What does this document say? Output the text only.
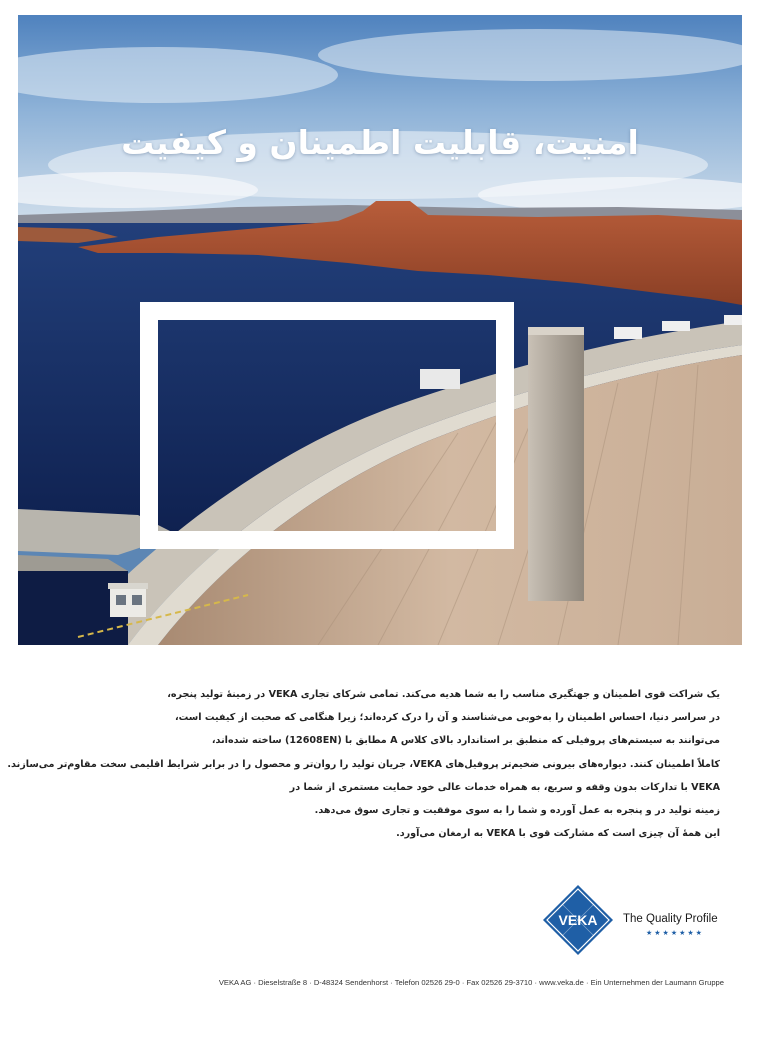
امنیت، قابلیت اطمینان و کیفیت
یک شراکت قوی اطمینان و جهتگیری مناسب را به شما هدیه می‌کند. تمامی شرکای تجاری VEKA در زمینهٔ تولید پنجره،
در سراسر دنیا، احساس اطمینان را به‌خوبی می‌شناسند و آن را درک کرده‌اند؛ زیرا هنگامی که صحبت از کیفیت است،
می‌توانند به سیستم‌های پروفیلی که منطبق بر استاندارد بالای کلاس A مطابق با (12608EN) ساخته شده‌اند،
کاملاً اطمینان کنند. دیواره‌های بیرونی ضخیم‌تر پروفیل‌های VEKA، جریان تولید را روان‌تر و محصول را در برابر شرایط اقلیمی سخت مقاوم‌تر می‌سازند.
VEKA با تدارکات بدون وقفه و سریع، به همراه خدمات عالی خود حمایت مستمری از شما در
زمینه تولید در و پنجره به عمل آورده و شما را به سوی موفقیت و تجاری سوق می‌دهد.
این همهٔ آن چیزی است که مشارکت قوی با VEKA به ارمغان می‌آورد.
VEKA The Quality Profile
★★★★★★★
VEKA AG · Dieselstraße 8 · D-48324 Sendenhorst · Telefon 02526 29-0 · Fax 02526 29-3710 · www.veka.de · Ein Unternehmen der Laumann Gruppe
